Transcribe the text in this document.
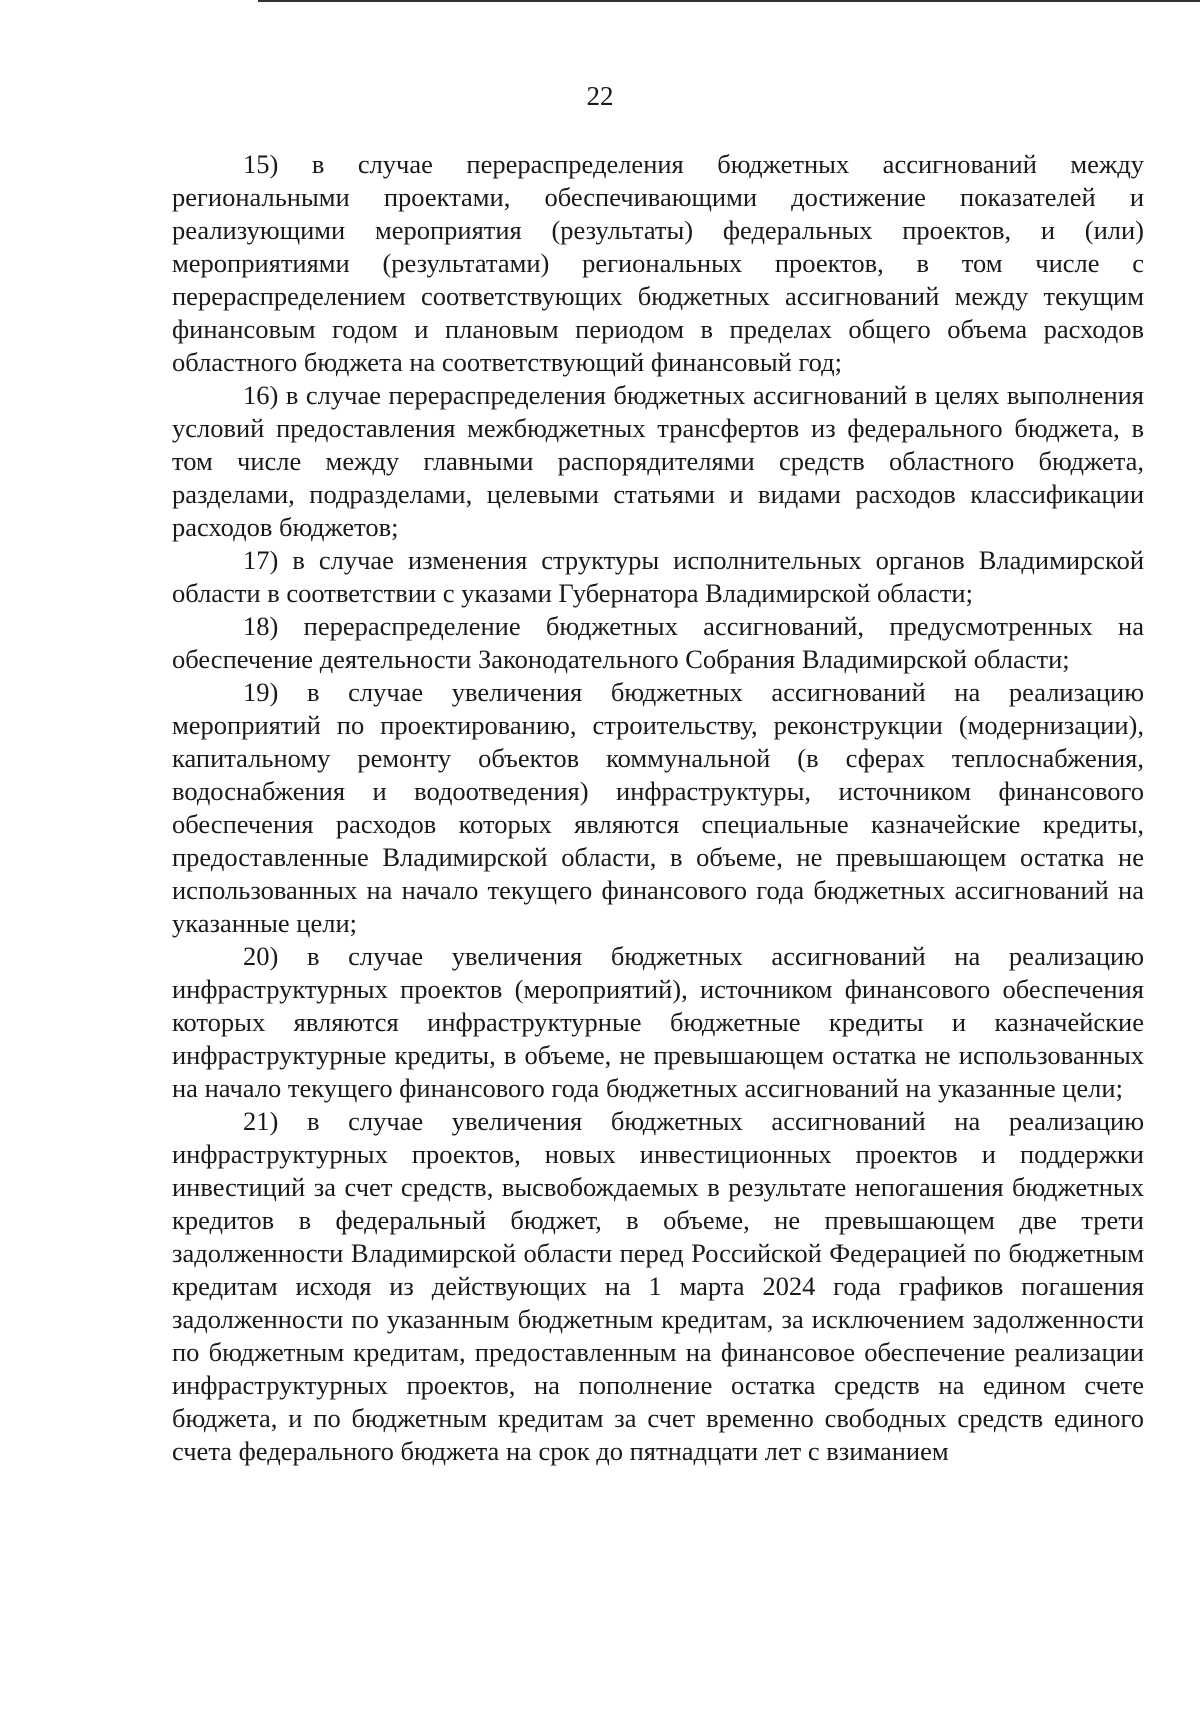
22

15) в случае перераспределения бюджетных ассигнований между региональными проектами, обеспечивающими достижение показателей и реализующими мероприятия (результаты) федеральных проектов, и (или) мероприятиями (результатами) региональных проектов, в том числе с перераспределением соответствующих бюджетных ассигнований между текущим финансовым годом и плановым периодом в пределах общего объема расходов областного бюджета на соответствующий финансовый год;

16) в случае перераспределения бюджетных ассигнований в целях выполнения условий предоставления межбюджетных трансфертов из федерального бюджета, в том числе между главными распорядителями средств областного бюджета, разделами, подразделами, целевыми статьями и видами расходов классификации расходов бюджетов;

17) в случае изменения структуры исполнительных органов Владимирской области в соответствии с указами Губернатора Владимирской области;

18) перераспределение бюджетных ассигнований, предусмотренных на обеспечение деятельности Законодательного Собрания Владимирской области;

19) в случае увеличения бюджетных ассигнований на реализацию мероприятий по проектированию, строительству, реконструкции (модернизации), капитальному ремонту объектов коммунальной (в сферах теплоснабжения, водоснабжения и водоотведения) инфраструктуры, источником финансового обеспечения расходов которых являются специальные казначейские кредиты, предоставленные Владимирской области, в объеме, не превышающем остатка не использованных на начало текущего финансового года бюджетных ассигнований на указанные цели;

20) в случае увеличения бюджетных ассигнований на реализацию инфраструктурных проектов (мероприятий), источником финансового обеспечения которых являются инфраструктурные бюджетные кредиты и казначейские инфраструктурные кредиты, в объеме, не превышающем остатка не использованных на начало текущего финансового года бюджетных ассигнований на указанные цели;

21) в случае увеличения бюджетных ассигнований на реализацию инфраструктурных проектов, новых инвестиционных проектов и поддержки инвестиций за счет средств, высвобождаемых в результате непогашения бюджетных кредитов в федеральный бюджет, в объеме, не превышающем две трети задолженности Владимирской области перед Российской Федерацией по бюджетным кредитам исходя из действующих на 1 марта 2024 года графиков погашения задолженности по указанным бюджетным кредитам, за исключением задолженности по бюджетным кредитам, предоставленным на финансовое обеспечение реализации инфраструктурных проектов, на пополнение остатка средств на едином счете бюджета, и по бюджетным кредитам за счет временно свободных средств единого счета федерального бюджета на срок до пятнадцати лет с взиманием
